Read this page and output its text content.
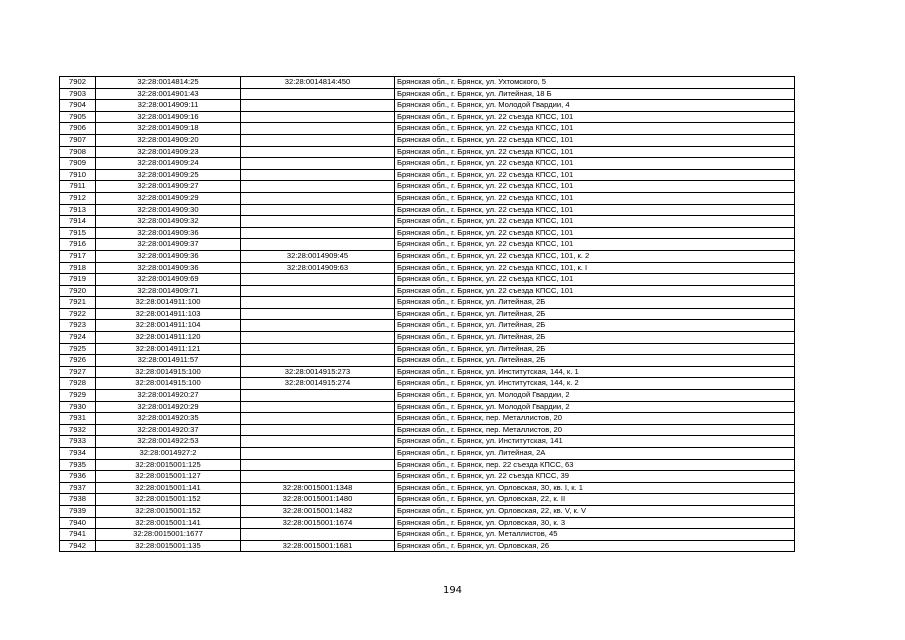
7902	32:28:0014814:25	32:28:0014814:450	Брянская обл., г. Брянск, ул. Ухтомского, 5
7903	32:28:0014901:43		Брянская обл., г. Брянск, ул. Литейная, 18 Б
7904	32:28:0014909:11		Брянская обл., г. Брянск, ул. Молодой Гвардии, 4
7905	32:28:0014909:16		Брянская обл., г. Брянск, ул. 22 съезда КПСС, 101
7906	32:28:0014909:18		Брянская обл., г. Брянск, ул. 22 съезда КПСС, 101
7907	32:28:0014909:20		Брянская обл., г. Брянск, ул. 22 съезда КПСС, 101
7908	32:28:0014909:23		Брянская обл., г. Брянск, ул. 22 съезда КПСС, 101
7909	32:28:0014909:24		Брянская обл., г. Брянск, ул. 22 съезда КПСС, 101
7910	32:28:0014909:25		Брянская обл., г. Брянск, ул. 22 съезда КПСС, 101
7911	32:28:0014909:27		Брянская обл., г. Брянск, ул. 22 съезда КПСС, 101
7912	32:28:0014909:29		Брянская обл., г. Брянск, ул. 22 съезда КПСС, 101
7913	32:28:0014909:30		Брянская обл., г. Брянск, ул. 22 съезда КПСС, 101
7914	32:28:0014909:32		Брянская обл., г. Брянск, ул. 22 съезда КПСС, 101
7915	32:28:0014909:36		Брянская обл., г. Брянск, ул. 22 съезда КПСС, 101
7916	32:28:0014909:37		Брянская обл., г. Брянск, ул. 22 съезда КПСС, 101
7917	32:28:0014909:36	32:28:0014909:45	Брянская обл., г. Брянск, ул. 22 съезда КПСС, 101, к. 2
7918	32:28:0014909:36	32:28:0014909:63	Брянская обл., г. Брянск, ул. 22 съезда КПСС, 101, к. I
7919	32:28:0014909:69		Брянская обл., г. Брянск, ул. 22 съезда КПСС, 101
7920	32:28:0014909:71		Брянская обл., г. Брянск, ул. 22 съезда КПСС, 101
7921	32:28:0014911:100		Брянская обл., г. Брянск, ул. Литейная, 2Б
7922	32:28:0014911:103		Брянская обл., г. Брянск, ул. Литейная, 2Б
7923	32:28:0014911:104		Брянская обл., г. Брянск, ул. Литейная, 2Б
7924	32:28:0014911:120		Брянская обл., г. Брянск, ул. Литейная, 2Б
7925	32:28:0014911:121		Брянская обл., г. Брянск, ул. Литейная, 2Б
7926	32:28:0014911:57		Брянская обл., г. Брянск, ул. Литейная, 2Б
7927	32:28:0014915:100	32:28:0014915:273	Брянская обл., г. Брянск, ул. Институтская, 144, к. 1
7928	32:28:0014915:100	32:28:0014915:274	Брянская обл., г. Брянск, ул. Институтская, 144, к. 2
7929	32:28:0014920:27		Брянская обл., г. Брянск, ул. Молодой Гвардии, 2
7930	32:28:0014920:29		Брянская обл., г. Брянск, ул. Молодой Гвардии, 2
7931	32:28:0014920:35		Брянская обл., г. Брянск, пер. Металлистов, 20
7932	32:28:0014920:37		Брянская обл., г. Брянск, пер. Металлистов, 20
7933	32:28:0014922:53		Брянская обл., г. Брянск, ул. Институтская, 141
7934	32:28:0014927:2		Брянская обл., г. Брянск, ул. Литейная, 2А
7935	32:28:0015001:125		Брянская обл., г. Брянск, пер. 22 съезда КПСС, 63
7936	32:28:0015001:127		Брянская обл., г. Брянск, ул. 22 съезда КПСС, 39
7937	32:28:0015001:141	32:28:0015001:1348	Брянская обл., г. Брянск, ул. Орловская, 30, кв. I, к. 1
7938	32:28:0015001:152	32:28:0015001:1480	Брянская обл., г. Брянск, ул. Орловская, 22, к. II
7939	32:28:0015001:152	32:28:0015001:1482	Брянская обл., г. Брянск, ул. Орловская, 22, кв. V, к. V
7940	32:28:0015001:141	32:28:0015001:1674	Брянская обл., г. Брянск, ул. Орловская, 30, к. 3
7941	32:28:0015001:1677		Брянская обл., г. Брянск, ул. Металлистов, 45
7942	32:28:0015001:135	32:28:0015001:1681	Брянская обл., г. Брянск, ул. Орловская, 26
194
